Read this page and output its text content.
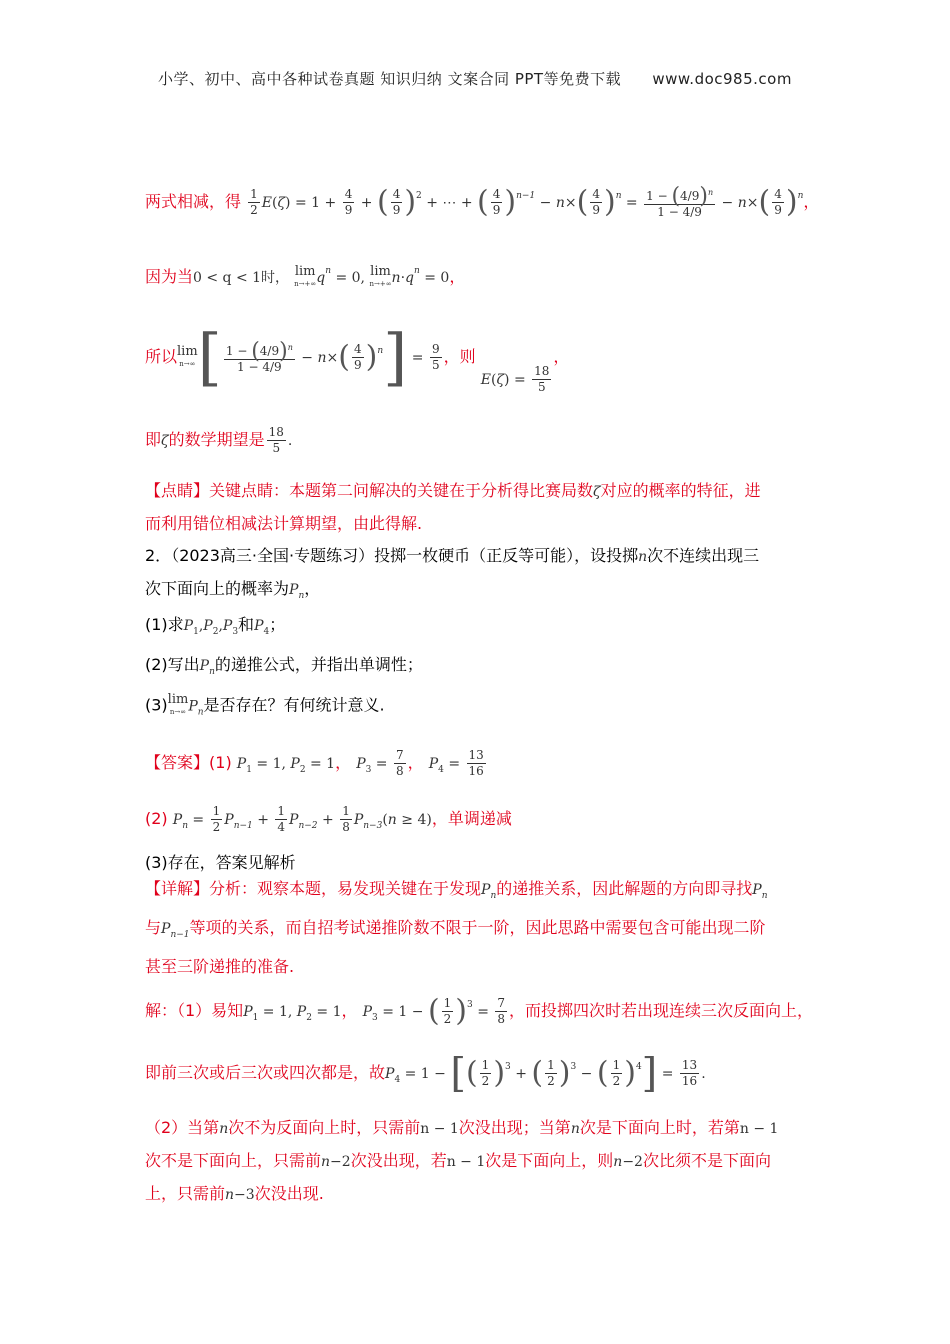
小学、初中、高中各种试卷真题 知识归纳 文案合同 PPT等免费下载 www.doc985.com
两式相减，得 $\frac{1}{2} E(\zeta) = 1 + \frac{4}{9}$ + ( $\frac{4}{9} )^2$ + ⋯ + ( $\frac{4}{9} )^{n-1} - n\times( \frac{4}{9} )^n = \frac{1 - (4/9)^n}{1 - 4/9} - n\times( \frac{4}{9} )^n$，
因为当0 < q < 1时， lim
n→+∞ $q^n = 0$, lim
n→+∞ $n\cdot q^n = 0$，
所以lim
n→∞ [ $\frac{1 - (4/9)^n}{1 - 4/9} - n\times( \frac{4}{9} )^n] = \frac{9}{5}$ ，则 $E(\zeta) = \frac{18}{5}$
，
即ζ的数学期望是 $\frac{18}{5}$ .
【点睛】关键点睛：本题第二问解决的关键在于分析得比赛局数ζ对应的概率的特征，进
而利用错位相减法计算期望，由此得解.
2．（2023高三·全国·专题练习）投掷一枚硬币（正反等可能），设投掷n次不连续出现三
次下面向上的概率为$P_n$，
(1)求$P_1,P_2,P_3$和$P_4$；
(2)写出$P_n$的递推公式，并指出单调性；
(3)lim
n→∞ $P_n$是否存在？有何统计意义.
【答案】(1) $P_1 = 1$, $P_2 = 1$， $P_3 = \frac{7}{8}$ ， $P_4 = \frac{13}{16}$
(2) $P_n = \frac{1}{2} P_{n-1} + \frac{1}{4} P_{n-2} + \frac{1}{8} P_{n-3}(n \ge 4)$，单调递减
(3)存在，答案见解析
【详解】分析：观察本题，易发现关键在于发现$P_n$的递推关系，因此解题的方向即寻找$P_n$
与$P_{n-1}$等项的关系，而自招考试递推阶数不限于一阶，因此思路中需要包含可能出现二阶
甚至三阶递推的准备.
解：（1）易知$P_1 = 1$, $P_2 = 1$， $P_3 = 1$ − ( $\frac{1}{2} )^3 = \frac{7}{8}$ ，而投掷四次时若出现连续三次反面向上，
即前三次或后三次或四次都是，故$P_4 = 1$ − [( $\frac{1}{2} )^3$ + ( $\frac{1}{2} )^3$ − ( $\frac{1}{2} )^4] = \frac{13}{16}$ .
（2）当第n次不为反面向上时，只需前n − 1次没出现；当第n次是下面向上时，若第n − 1
次不是下面向上，只需前n−2次没出现，若n − 1次是下面向上，则n−2次比须不是下面向
上，只需前n−3次没出现.
